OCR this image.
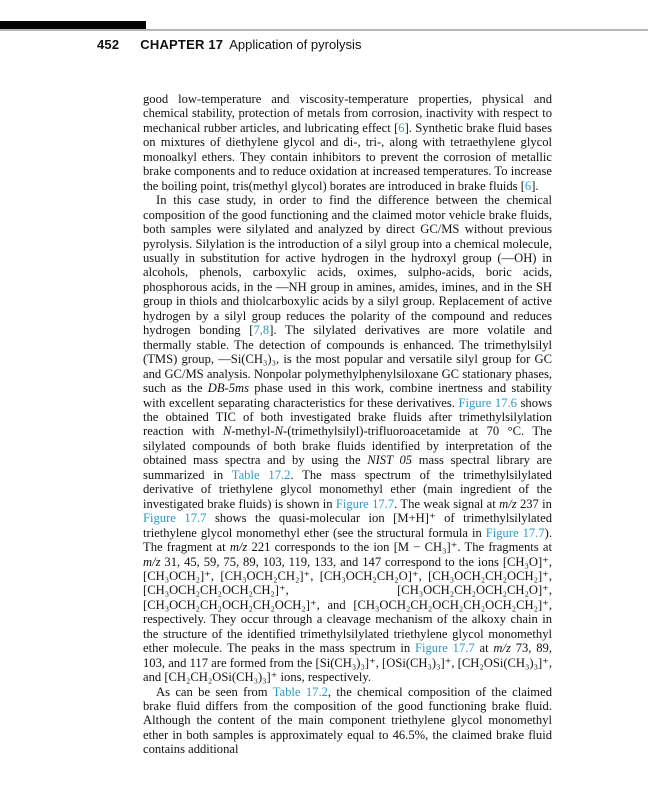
452 CHAPTER 17 Application of pyrolysis

good low-temperature and viscosity-temperature properties, physical and chemical stability, protection of metals from corrosion, inactivity with respect to mechanical rubber articles, and lubricating effect [6]. Synthetic brake fluid bases on mixtures of diethylene glycol and di-, tri-, along with tetraethylene glycol monoalkyl ethers. They contain inhibitors to prevent the corrosion of metallic brake components and to reduce oxidation at increased temperatures. To increase the boiling point, tris(methyl glycol) borates are introduced in brake fluids [6].

In this case study, in order to find the difference between the chemical composition of the good functioning and the claimed motor vehicle brake fluids, both samples were silylated and analyzed by direct GC/MS without previous pyrolysis. Silylation is the introduction of a silyl group into a chemical molecule, usually in substitution for active hydrogen in the hydroxyl group (—OH) in alcohols, phenols, carboxylic acids, oximes, sulpho-acids, boric acids, phosphorous acids, in the —NH group in amines, amides, imines, and in the SH group in thiols and thiolcarboxylic acids by a silyl group. Replacement of active hydrogen by a silyl group reduces the polarity of the compound and reduces hydrogen bonding [7,8]. The silylated derivatives are more volatile and thermally stable. The detection of compounds is enhanced. The trimethylsilyl (TMS) group, —Si(CH₃)₃, is the most popular and versatile silyl group for GC and GC/MS analysis. Nonpolar polymethylphenylsiloxane GC stationary phases, such as the DB-5ms phase used in this work, combine inertness and stability with excellent separating characteristics for these derivatives. Figure 17.6 shows the obtained TIC of both investigated brake fluids after trimethylsilylation reaction with N-methyl-N-(trimethylsilyl)-trifluoroacetamide at 70 °C. The silylated compounds of both brake fluids identified by interpretation of the obtained mass spectra and by using the NIST 05 mass spectral library are summarized in Table 17.2. The mass spectrum of the trimethylsilylated derivative of triethylene glycol monomethyl ether (main ingredient of the investigated brake fluids) is shown in Figure 17.7. The weak signal at m/z 237 in Figure 17.7 shows the quasi-molecular ion [M+H]⁺ of trimethylsilylated triethylene glycol monomethyl ether (see the structural formula in Figure 17.7). The fragment at m/z 221 corresponds to the ion [M − CH₃]⁺. The fragments at m/z 31, 45, 59, 75, 89, 103, 119, 133, and 147 correspond to the ions [CH₃O]⁺, [CH₃OCH₂]⁺, [CH₃OCH₂CH₂]⁺, [CH₃OCH₂CH₂O]⁺, [CH₃OCH₂CH₂OCH₂]⁺, [CH₃OCH₂CH₂OCH₂CH₂]⁺, [CH₃OCH₂CH₂OCH₂CH₂O]⁺, [CH₃OCH₂CH₂OCH₂CH₂OCH₂]⁺, and [CH₃OCH₂CH₂OCH₂CH₂OCH₂CH₂]⁺, respectively. They occur through a cleavage mechanism of the alkoxy chain in the structure of the identified trimethylsilylated triethylene glycol monomethyl ether molecule. The peaks in the mass spectrum in Figure 17.7 at m/z 73, 89, 103, and 117 are formed from the [Si(CH₃)₃]⁺, [OSi(CH₃)₃]⁺, [CH₂OSi(CH₃)₃]⁺, and [CH₂CH₂OSi(CH₃)₃]⁺ ions, respectively.

As can be seen from Table 17.2, the chemical composition of the claimed brake fluid differs from the composition of the good functioning brake fluid. Although the content of the main component triethylene glycol monomethyl ether in both samples is approximately equal to 46.5%, the claimed brake fluid contains additional
